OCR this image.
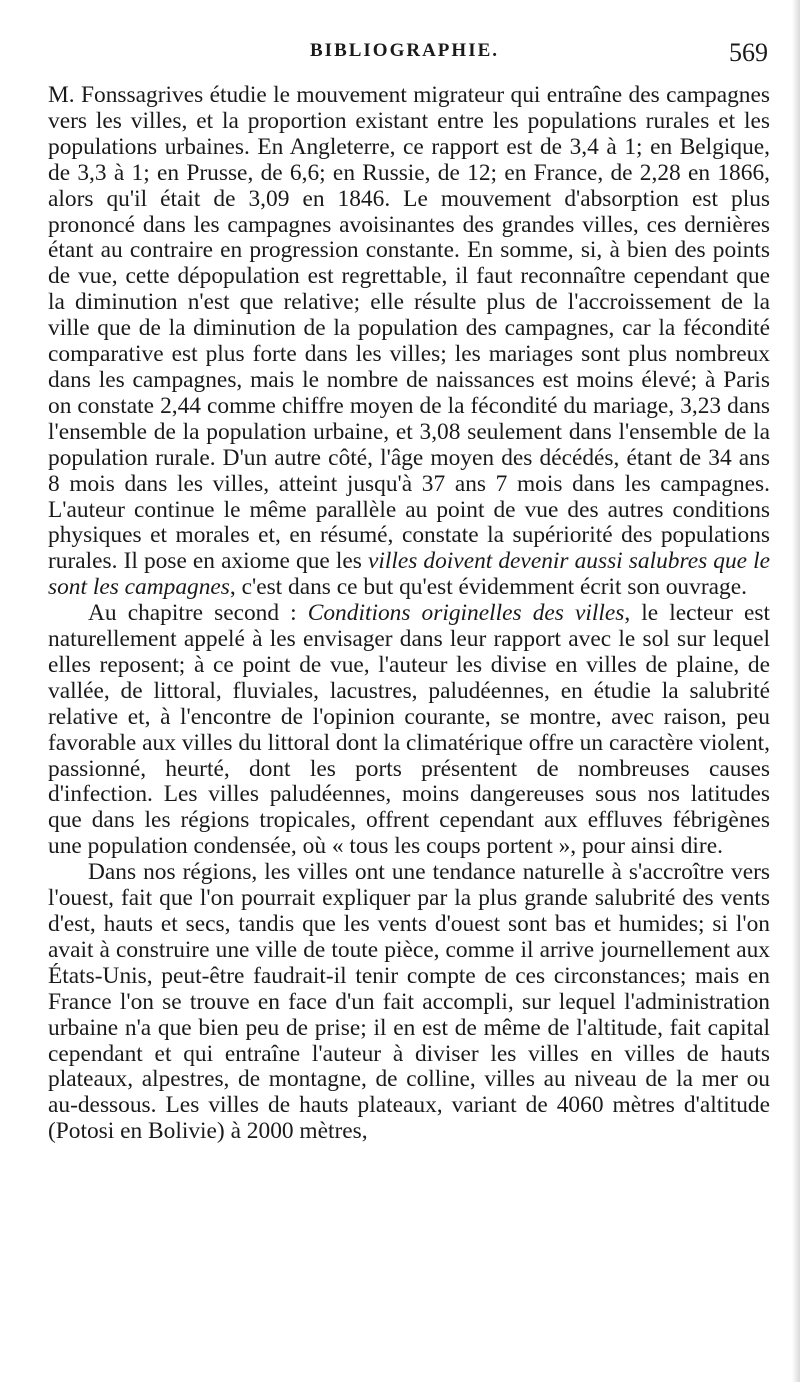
BIBLIOGRAPHIE.	569

M. Fonssagrives étudie le mouvement migrateur qui entraîne des campagnes vers les villes, et la proportion existant entre les populations rurales et les populations urbaines. En Angleterre, ce rapport est de 3,4 à 1; en Belgique, de 3,3 à 1; en Prusse, de 6,6; en Russie, de 12; en France, de 2,28 en 1866, alors qu'il était de 3,09 en 1846. Le mouvement d'absorption est plus prononcé dans les campagnes avoisinantes des grandes villes, ces dernières étant au contraire en progression constante. En somme, si, à bien des points de vue, cette dépopulation est regrettable, il faut reconnaître cependant que la diminution n'est que relative; elle résulte plus de l'accroissement de la ville que de la diminution de la population des campagnes, car la fécondité comparative est plus forte dans les villes; les mariages sont plus nombreux dans les campagnes, mais le nombre de naissances est moins élevé; à Paris on constate 2,44 comme chiffre moyen de la fécondité du mariage, 3,23 dans l'ensemble de la population urbaine, et 3,08 seulement dans l'ensemble de la population rurale. D'un autre côté, l'âge moyen des décédés, étant de 34 ans 8 mois dans les villes, atteint jusqu'à 37 ans 7 mois dans les campagnes. L'auteur continue le même parallèle au point de vue des autres conditions physiques et morales et, en résumé, constate la supériorité des populations rurales. Il pose en axiome que les villes doivent devenir aussi salubres que le sont les campagnes, c'est dans ce but qu'est évidemment écrit son ouvrage.

Au chapitre second : Conditions originelles des villes, le lecteur est naturellement appelé à les envisager dans leur rapport avec le sol sur lequel elles reposent; à ce point de vue, l'auteur les divise en villes de plaine, de vallée, de littoral, fluviales, lacustres, paludéennes, en étudie la salubrité relative et, à l'encontre de l'opinion courante, se montre, avec raison, peu favorable aux villes du littoral dont la climatérique offre un caractère violent, passionné, heurté, dont les ports présentent de nombreuses causes d'infection. Les villes paludéennes, moins dangereuses sous nos latitudes que dans les régions tropicales, offrent cependant aux effluves fébrigènes une population condensée, où « tous les coups portent », pour ainsi dire.

Dans nos régions, les villes ont une tendance naturelle à s'accroître vers l'ouest, fait que l'on pourrait expliquer par la plus grande salubrité des vents d'est, hauts et secs, tandis que les vents d'ouest sont bas et humides; si l'on avait à construire une ville de toute pièce, comme il arrive journellement aux États-Unis, peut-être faudrait-il tenir compte de ces circonstances; mais en France l'on se trouve en face d'un fait accompli, sur lequel l'administration urbaine n'a que bien peu de prise; il en est de même de l'altitude, fait capital cependant et qui entraîne l'auteur à diviser les villes en villes de hauts plateaux, alpestres, de montagne, de colline, villes au niveau de la mer ou au-dessous. Les villes de hauts plateaux, variant de 4060 mètres d'altitude (Potosi en Bolivie) à 2000 mètres,
